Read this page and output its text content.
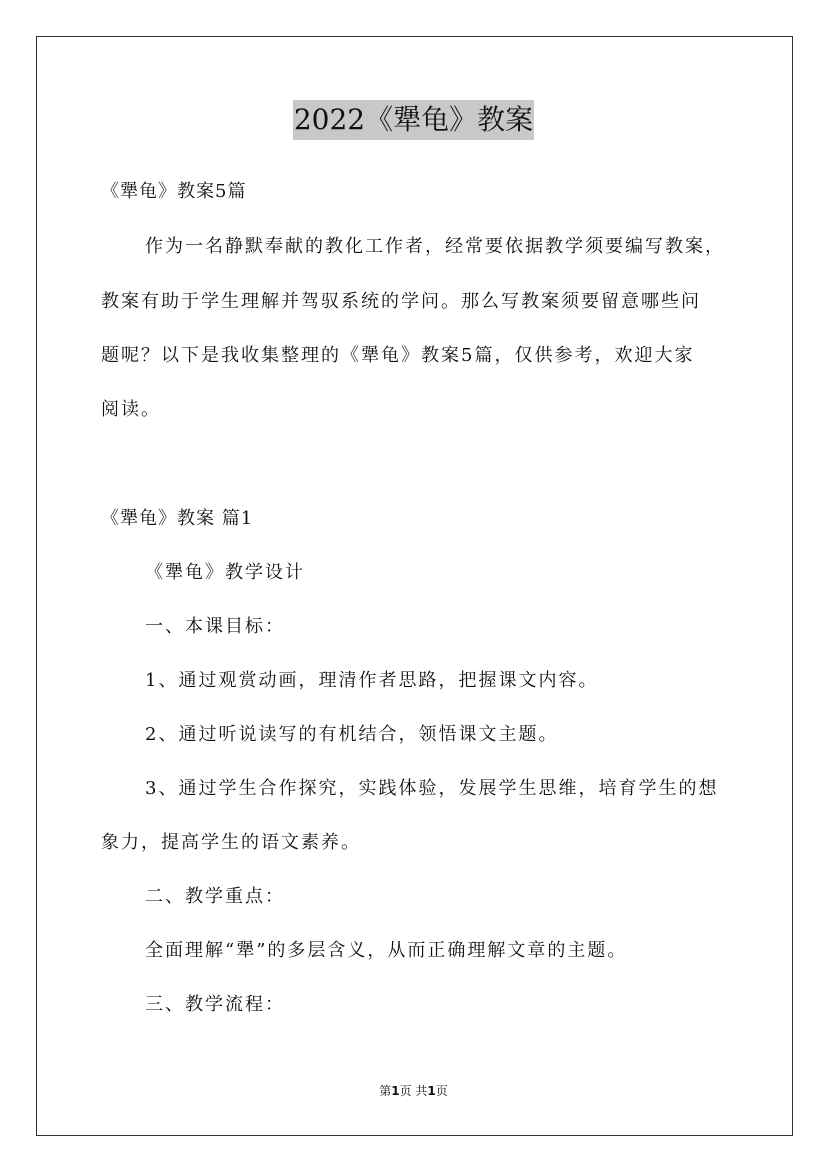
2022《犟龟》教案
《犟龟》教案5篇
作为一名静默奉献的教化工作者，经常要依据教学须要编写教案，
教案有助于学生理解并驾驭系统的学问。那么写教案须要留意哪些问
题呢？以下是我收集整理的《犟龟》教案5篇，仅供参考，欢迎大家
阅读。
《犟龟》教案 篇1
《犟龟》教学设计
一、本课目标：
1、通过观赏动画，理清作者思路，把握课文内容。
2、通过听说读写的有机结合，领悟课文主题。
3、通过学生合作探究，实践体验，发展学生思维，培育学生的想
象力，提高学生的语文素养。
二、教学重点：
全面理解“犟”的多层含义，从而正确理解文章的主题。
三、教学流程：
第1页 共1页
